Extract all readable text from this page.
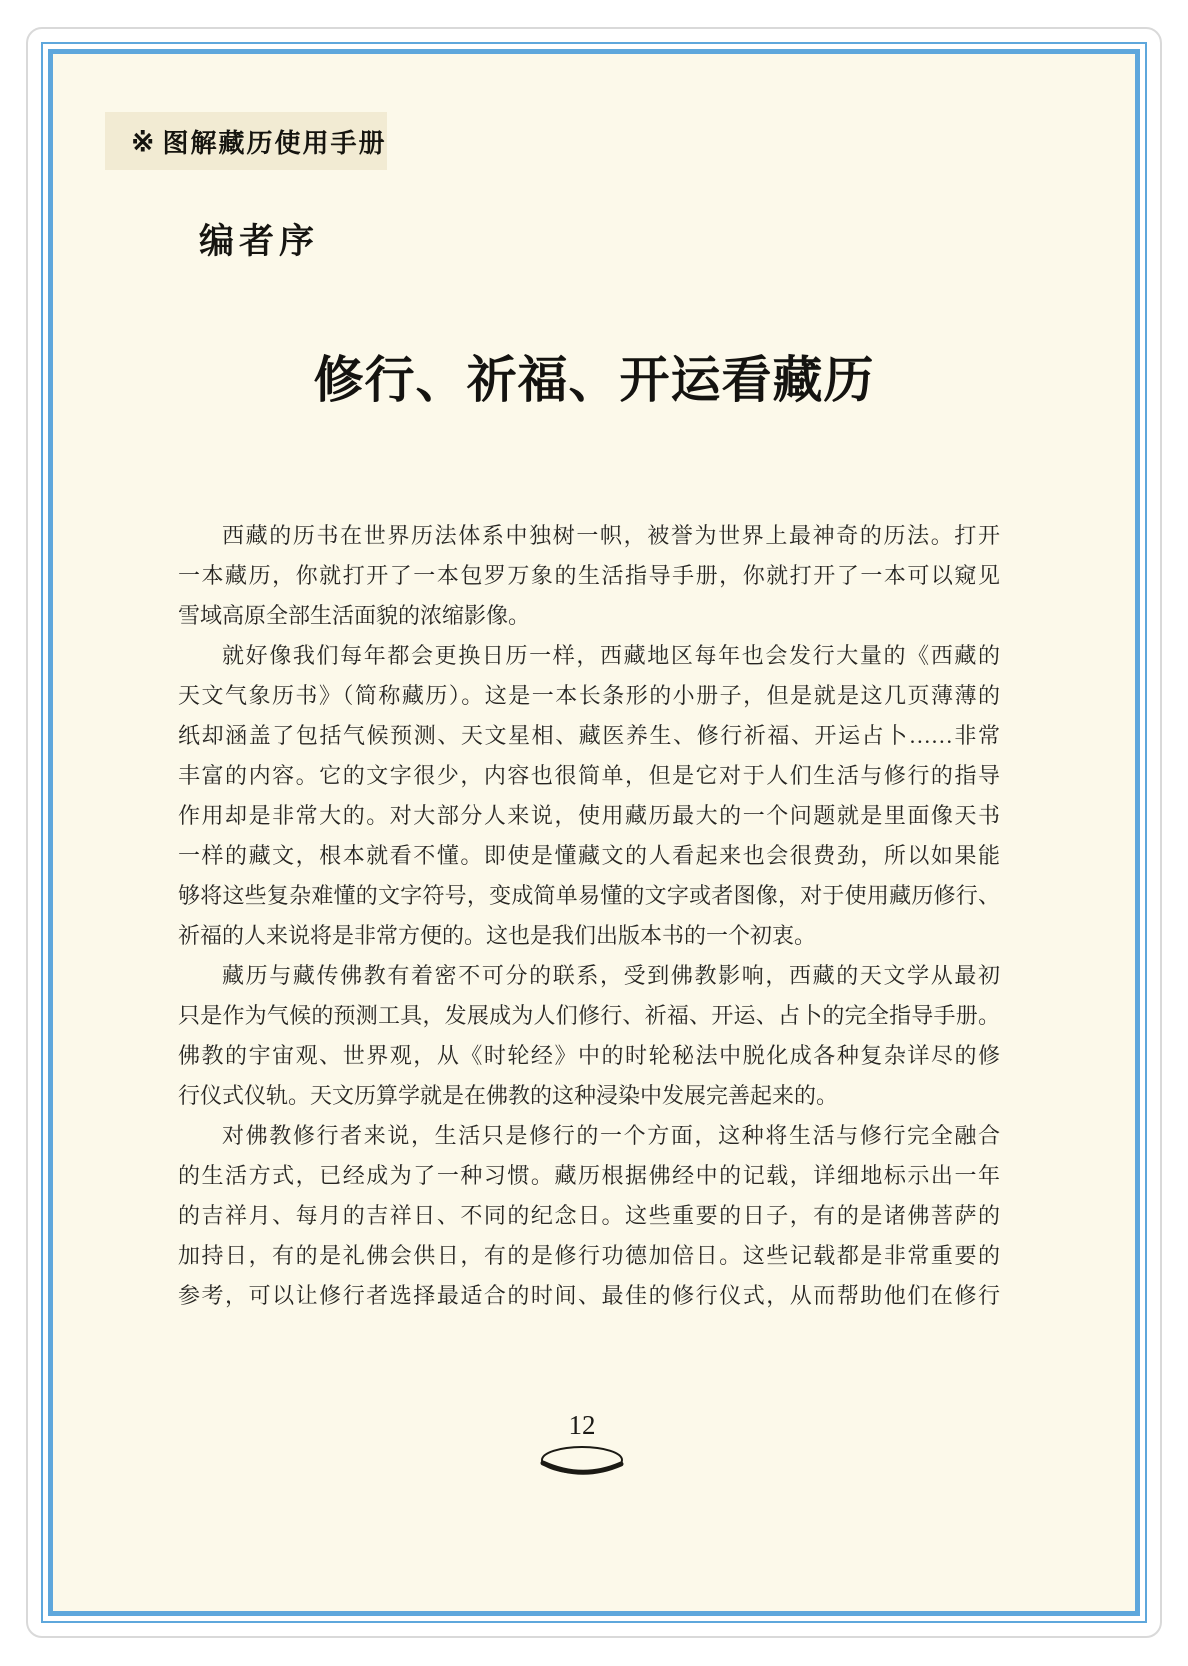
※ 图解藏历使用手册
编者序
修行、祈福、开运看藏历
西藏的历书在世界历法体系中独树一帜，被誉为世界上最神奇的历法。打开
一本藏历，你就打开了一本包罗万象的生活指导手册，你就打开了一本可以窥见
雪域高原全部生活面貌的浓缩影像。
就好像我们每年都会更换日历一样，西藏地区每年也会发行大量的《西藏的
天文气象历书》（简称藏历）。这是一本长条形的小册子，但是就是这几页薄薄的
纸却涵盖了包括气候预测、天文星相、藏医养生、修行祈福、开运占卜……非常
丰富的内容。它的文字很少，内容也很简单，但是它对于人们生活与修行的指导
作用却是非常大的。对大部分人来说，使用藏历最大的一个问题就是里面像天书
一样的藏文，根本就看不懂。即使是懂藏文的人看起来也会很费劲，所以如果能
够将这些复杂难懂的文字符号，变成简单易懂的文字或者图像，对于使用藏历修行、
祈福的人来说将是非常方便的。这也是我们出版本书的一个初衷。
藏历与藏传佛教有着密不可分的联系，受到佛教影响，西藏的天文学从最初
只是作为气候的预测工具，发展成为人们修行、祈福、开运、占卜的完全指导手册。
佛教的宇宙观、世界观，从《时轮经》中的时轮秘法中脱化成各种复杂详尽的修
行仪式仪轨。天文历算学就是在佛教的这种浸染中发展完善起来的。
对佛教修行者来说，生活只是修行的一个方面，这种将生活与修行完全融合
的生活方式，已经成为了一种习惯。藏历根据佛经中的记载，详细地标示出一年
的吉祥月、每月的吉祥日、不同的纪念日。这些重要的日子，有的是诸佛菩萨的
加持日，有的是礼佛会供日，有的是修行功德加倍日。这些记载都是非常重要的
参考，可以让修行者选择最适合的时间、最佳的修行仪式，从而帮助他们在修行
12
